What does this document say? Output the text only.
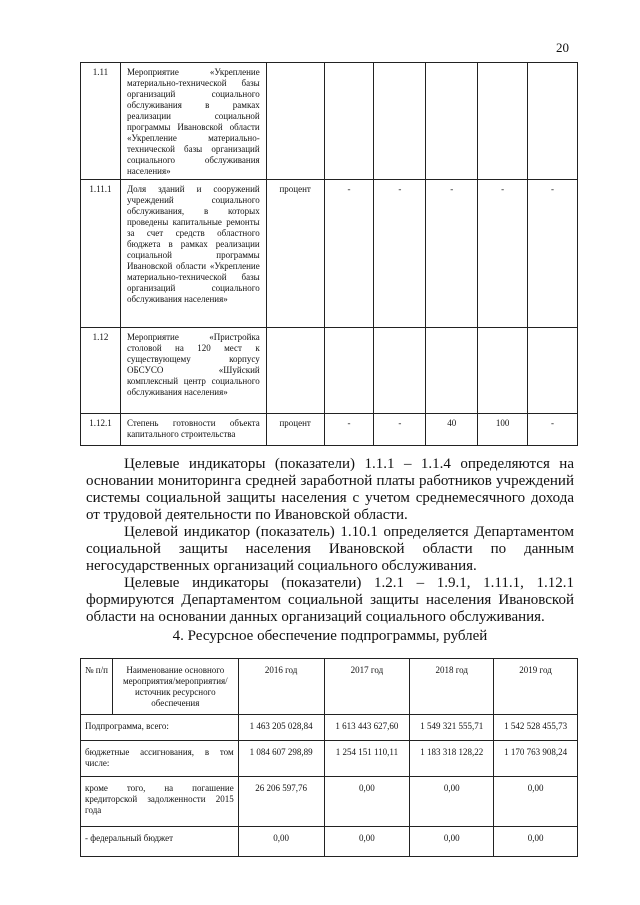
20
1.11	Мероприятие «Укрепление материально-технической базы организаций социального обслуживания в рамках реализации социальной программы Ивановской области «Укрепление материально-технической базы организаций социального обслуживания населения»						
1.11.1	Доля зданий и сооружений учреждений социального обслуживания, в которых проведены капитальные ремонты за счет средств областного бюджета в рамках реализации социальной программы Ивановской области «Укрепление материально-технической базы организаций социального обслуживания населения»	процент	-	-	-	-	-
1.12	Мероприятие «Пристройка столовой на 120 мест к существующему корпусу ОБСУСО «Шуйский комплексный центр социального обслуживания населения»						
1.12.1	Степень готовности объекта капитального строительства	процент	-	-	40	100	-

Целевые индикаторы (показатели) 1.1.1 – 1.1.4 определяются на основании мониторинга средней заработной платы работников учреждений системы социальной защиты населения с учетом среднемесячного дохода от трудовой деятельности по Ивановской области.

Целевой индикатор (показатель) 1.10.1 определяется Департаментом социальной защиты населения Ивановской области по данным негосударственных организаций социального обслуживания.

Целевые индикаторы (показатели) 1.2.1 – 1.9.1, 1.11.1, 1.12.1 формируются Департаментом социальной защиты населения Ивановской области на основании данных организаций социального обслуживания.

4. Ресурсное обеспечение подпрограммы, рублей

№ п/п	Наименование основного мероприятия/мероприятия/ источник ресурсного обеспечения	2016 год	2017 год	2018 год	2019 год
Подпрограмма, всего:		1 463 205 028,84	1 613 443 627,60	1 549 321 555,71	1 542 528 455,73
бюджетные ассигнования, в том числе:		1 084 607 298,89	1 254 151 110,11	1 183 318 128,22	1 170 763 908,24
кроме того, на погашение кредиторской задолженности 2015 года		26 206 597,76	0,00	0,00	0,00
- федеральный бюджет		0,00	0,00	0,00	0,00
